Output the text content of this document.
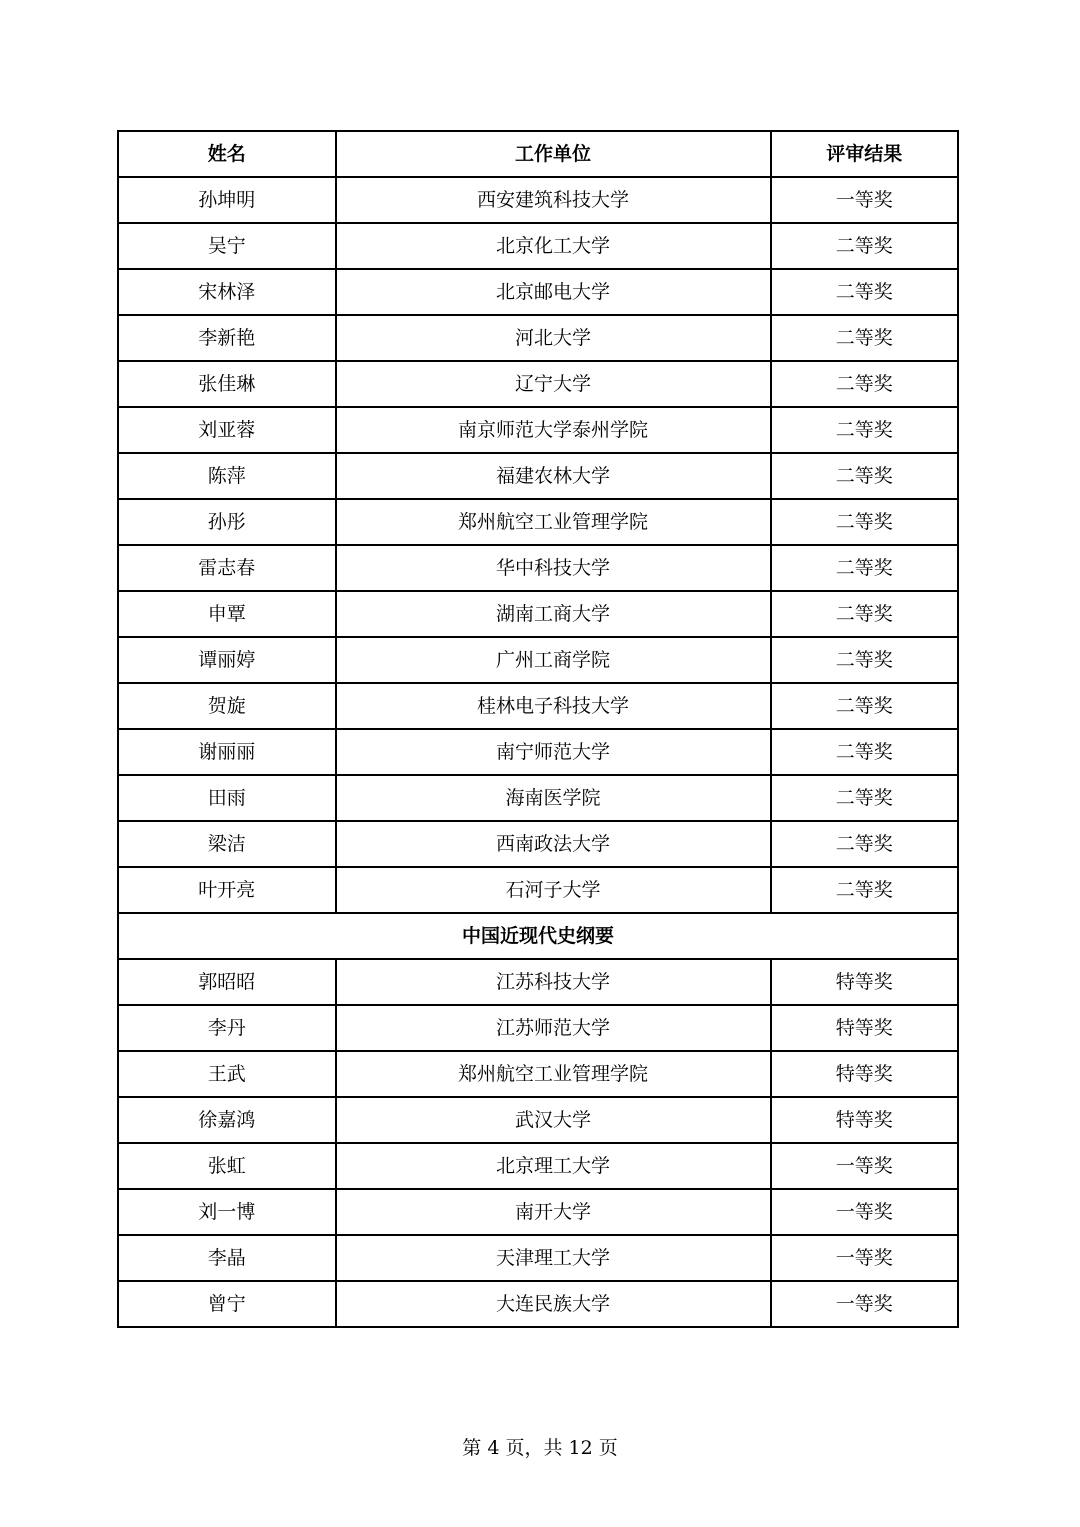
姓名	工作单位	评审结果
孙坤明	西安建筑科技大学	一等奖
吴宁	北京化工大学	二等奖
宋林泽	北京邮电大学	二等奖
李新艳	河北大学	二等奖
张佳琳	辽宁大学	二等奖
刘亚蓉	南京师范大学泰州学院	二等奖
陈萍	福建农林大学	二等奖
孙彤	郑州航空工业管理学院	二等奖
雷志春	华中科技大学	二等奖
申覃	湖南工商大学	二等奖
谭丽婷	广州工商学院	二等奖
贺旋	桂林电子科技大学	二等奖
谢丽丽	南宁师范大学	二等奖
田雨	海南医学院	二等奖
梁洁	西南政法大学	二等奖
叶开亮	石河子大学	二等奖
中国近现代史纲要		
郭昭昭	江苏科技大学	特等奖
李丹	江苏师范大学	特等奖
王武	郑州航空工业管理学院	特等奖
徐嘉鸿	武汉大学	特等奖
张虹	北京理工大学	一等奖
刘一博	南开大学	一等奖
李晶	天津理工大学	一等奖
曾宁	大连民族大学	一等奖
第 4 页，共 12 页
